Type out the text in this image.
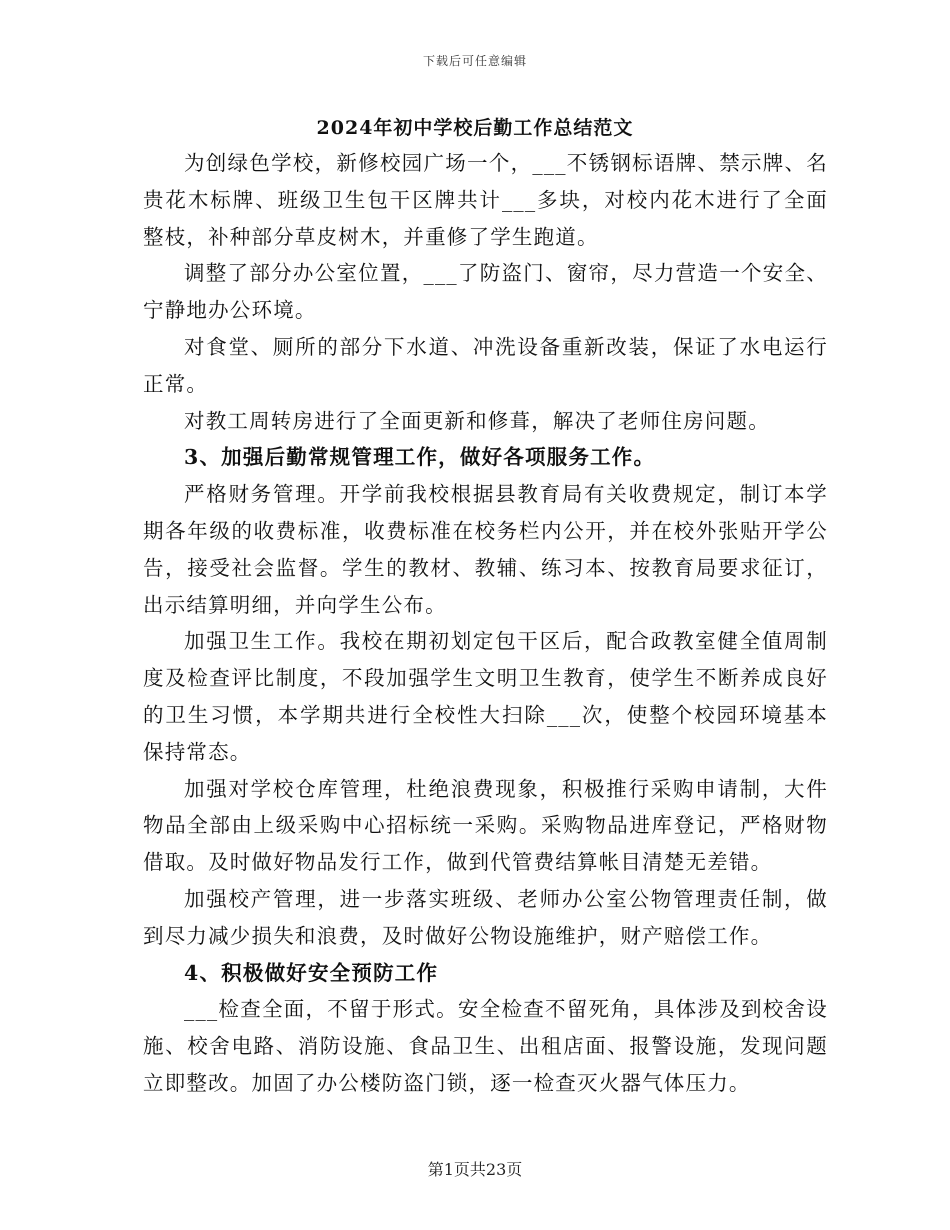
下载后可任意编辑
2024年初中学校后勤工作总结范文

为创绿色学校，新修校园广场一个，___不锈钢标语牌、禁示牌、名贵花木标牌、班级卫生包干区牌共计___多块，对校内花木进行了全面整枝，补种部分草皮树木，并重修了学生跑道。

调整了部分办公室位置，___了防盗门、窗帘，尽力营造一个安全、宁静地办公环境。

对食堂、厕所的部分下水道、冲洗设备重新改装，保证了水电运行正常。

对教工周转房进行了全面更新和修葺，解决了老师住房问题。

3、加强后勤常规管理工作，做好各项服务工作。

严格财务管理。开学前我校根据县教育局有关收费规定，制订本学期各年级的收费标准，收费标准在校务栏内公开，并在校外张贴开学公告，接受社会监督。学生的教材、教辅、练习本、按教育局要求征订，出示结算明细，并向学生公布。

加强卫生工作。我校在期初划定包干区后，配合政教室健全值周制度及检查评比制度，不段加强学生文明卫生教育，使学生不断养成良好的卫生习惯，本学期共进行全校性大扫除___次，使整个校园环境基本保持常态。

加强对学校仓库管理，杜绝浪费现象，积极推行采购申请制，大件物品全部由上级采购中心招标统一采购。采购物品进库登记，严格财物借取。及时做好物品发行工作，做到代管费结算帐目清楚无差错。

加强校产管理，进一步落实班级、老师办公室公物管理责任制，做到尽力减少损失和浪费，及时做好公物设施维护，财产赔偿工作。

4、积极做好安全预防工作

___检查全面，不留于形式。安全检查不留死角，具体涉及到校舍设施、校舍电路、消防设施、食品卫生、出租店面、报警设施，发现问题立即整改。加固了办公楼防盗门锁，逐一检查灭火器气体压力。

第1页共23页
